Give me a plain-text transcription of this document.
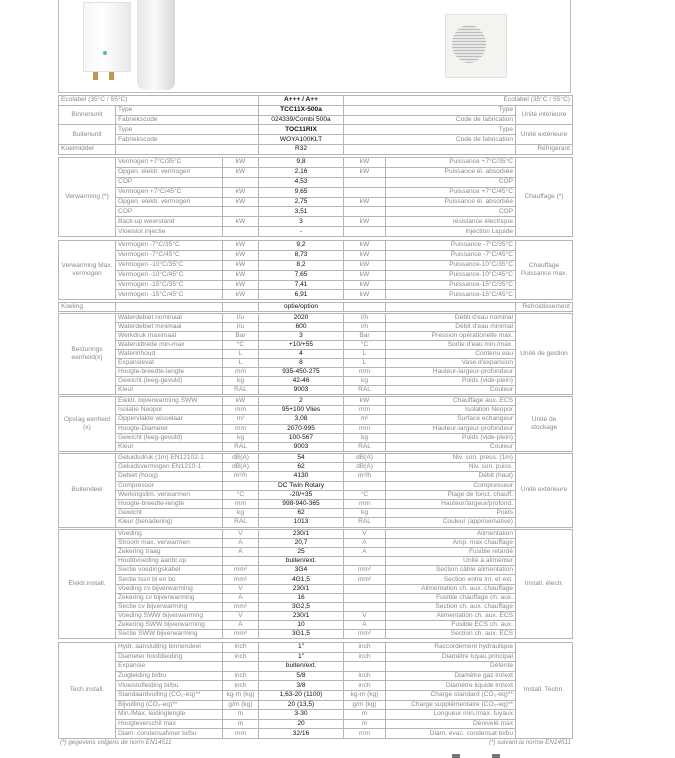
Ecolabel (35°C / 55°C)		A+++ / A++	Ecolabel (35°C / 55°C)	
Binnenunit	Type	TCC11X-500a	Type	Unité intérieure
	Fabriekscode	024339/Combi 500a	Code de fabrication	
Buitenunit	Type	TOC11RIX	Type	Unité extérieure
	Fabriekscode	WOYA100KLT	Code de fabrication	
Koelmiddel		R32		Réfrigérant
Verwarming (*)	Vermogen +7°C/35°C	kW	9,8	kW	Puissance +7°C/35°C	Chauffage (*)
	Opgen. elektr. vermogen	kW	2,16	kW	Puissance él. absorbée	
	COP		4,53		COP	
	Vermogen +7°C/45°C	kW	9,65		Puissance +7°C/45°C	
	Opgen. elektr. vermogen	kW	2,75	kW	Puissance él. absorbée	
	COP		3,51		COP	
	Back-up weerstand	kW	3	kW	résistance électrique	
	Vloeislot injectie		-		Injection Liquide	
Verwarming Max. vermogen	Vermogen -7°C/35°C	kW	9,2	kW	Puissance -7°C/35°C	Chauffage Puissance max.
	Vermogen -7°C/45°C	kW	8,73	kW	Puissance -7°C/45°C	
	Vermogen -10°C/35°C	kW	8,2	kW	Puissance-10°C/35°C	
	Vermogen -10°C/45°C	kW	7,65	kW	Puissance-10°C/45°C	
	Vermogen -15°C/35°C	kW	7,41	kW	Puissance-15°C/35°C	
	Vermogen -15°C/45°C	kW	6,91	kW	Puissance-15°C/45°C	
Koeling			optie/option			Refroidissement
Besturings eenheid(x)	Waterdebiet nominaal	l/u	2020	l/h	Débit d'eau nominal	Unité de gestion
	Waterdebiet minimaal	l/u	600	l/h	Débit d'eau minimal	
	Werkdruk maximaal	Bar	3	Bar	Pression opérationelle max.	
	Wateruittrede min-max	°C	+10/+55	°C	Sortie d'eau min./max.	
	Waterinhoud	L	4	L	Contenu eau	
	Expansievat	L	8	L	Vase d'expansion	
	Hoogte-breedte-lengte	mm	935-450-275	mm	Hauteur-largeur-profondeur	
	Gewicht (leeg-gevuld)	kg	42-46	kg	Poids (vide-plein)	
	Kleur	RAL	9003	RAL	Couleur	
Opslag eenheid (x)	Elektr. bijverwarming SWW	kW	2	kW	Chauffage aux. ECS	Unité de stockage
	Isolatie Neopor	mm	95+100 Vlies	mm	Isolation Neopor	
	Oppervlakte wisselaar	m²	3,08	m²	Surface echangeur	
	Hoogte-Diameter	mm	2070-995	mm	Hauteur-largeur-profondeur	
	Gewicht (leeg-gevuld)	kg	100-567	kg	Poids (vide-plein)	
	Kleur	RAL	9003	RAL	Couleur	
Buitendeel	Geluidsdruk (1m) EN12102-1	dB(A)	54	dB(A)	Niv. son. press. (1m)	Unité extérieure
	Geluidsvermogen EN1210-1	dB(A)	62	dB(A)	Niv. son. puiss.	
	Debiet (hoog)	m³/h	4130	m³/h	Débit (haut)	
	Compressor		DC Twin Rotary		Compresseur	
	Werkingslim. verwarmen	°C	-20/+35	°C	Plage de fonct. chauff.	
	Hoogte-breedte-lengte	mm	998-940-365	mm	Hauteur/largeur/profond.	
	Gewicht	kg	62	kg	Poids	
	Kleur (benadering)	RAL	1013	RAL	Couleur (approximative)	
Elektr.install.	Voeding	V	230/1	V	Alimentation	Install. électr.
	Stroom max. verwarmen	A	20,7	A	Amp. max chauffage	
	Zekering traag	A	25	A	Fusible retardé	
	Hoofdvoeding aanbr.op		buiten/ext.		Unité à alimenter	
	Sectie voedingskabel	mm²	3G4	mm²	Section câble alimentation	
	Sectie tssn bi en bu	mm²	4G1,5	mm²	Section entre int. et ext.	
	Voeding cv bijverwarming	V	230/1		Alimentation ch. aux. chauffage	
	Zekering cv bijverwarming	A	16		Fusible chauffage ch. aux.	
	Sectie cv bijverwarming	mm²	3G2,5		Section ch. aux. chauffage	
	Voeding SWW bijverwarming	V	230/1	V	Alimentation ch. aux. ECS	
	Zekering SWW bijverwarming	A	10	A	Fusible ECS ch. aux.	
	Sectie SWW bijverwarming	mm²	3G1,5	mm²	Section ch. aux. ECS	
Tech.install.	Hydr. aansluiting binnendeel	inch	1"	inch	Raccordement hydraulique	Install. Techn.
	Diameter hoofdleiding	inch	1"	inch	Diamètre tuyau principal	
	Expansie		buiten/ext.		Détente	
	Zuigleiding bi/bu	inch	5/8	inch	Diamètre gaz int/ext	
	Vloeistofleiding bi/bu	inch	3/8	inch	Diamètre liquide int/ext	
	Standaardvulling (CO₂-eq)**	kg-m (kg)	1,63-20 (1100)	kg-m (kg)	Charge standard (CO₂-eq)**	
	Bijvulling (CO₂-eq)**	g/m (kg)	20 (13,5)	g/m (kg)	Charge supplémentaire (CO₂-eq)**	
	Min./Max. leidinglengte	m	3-30	m	Longueur min./max. tuyaux	
	Hoogteverschil max	m	20	m	Dénivelé max	
	Diam. condensafvoer bi/bu	mm	32/16	mm	Diam. évac. condensat bi/bu	
(*) gegevens volgens de norm EN14511	(*) suivant la norme EN14511
